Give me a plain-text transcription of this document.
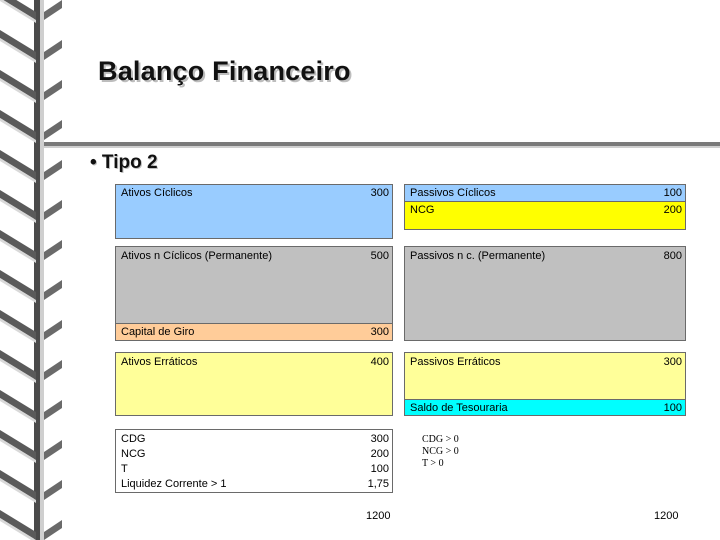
Balanço Financeiro
• Tipo 2
Ativos Cíclicos	300
Ativos n Cíclicos (Permanente)	500
Capital de Giro	300
Ativos Erráticos	400
CDG	300
NCG	200
T	100
Liquidez Corrente > 1	1,75
1200
Passivos Cíclicos	100
NCG	200
Passivos n c. (Permanente)	800
Passivos Erráticos	300
Saldo de Tesouraria	100
CDG > 0
NCG > 0
T > 0
1200
